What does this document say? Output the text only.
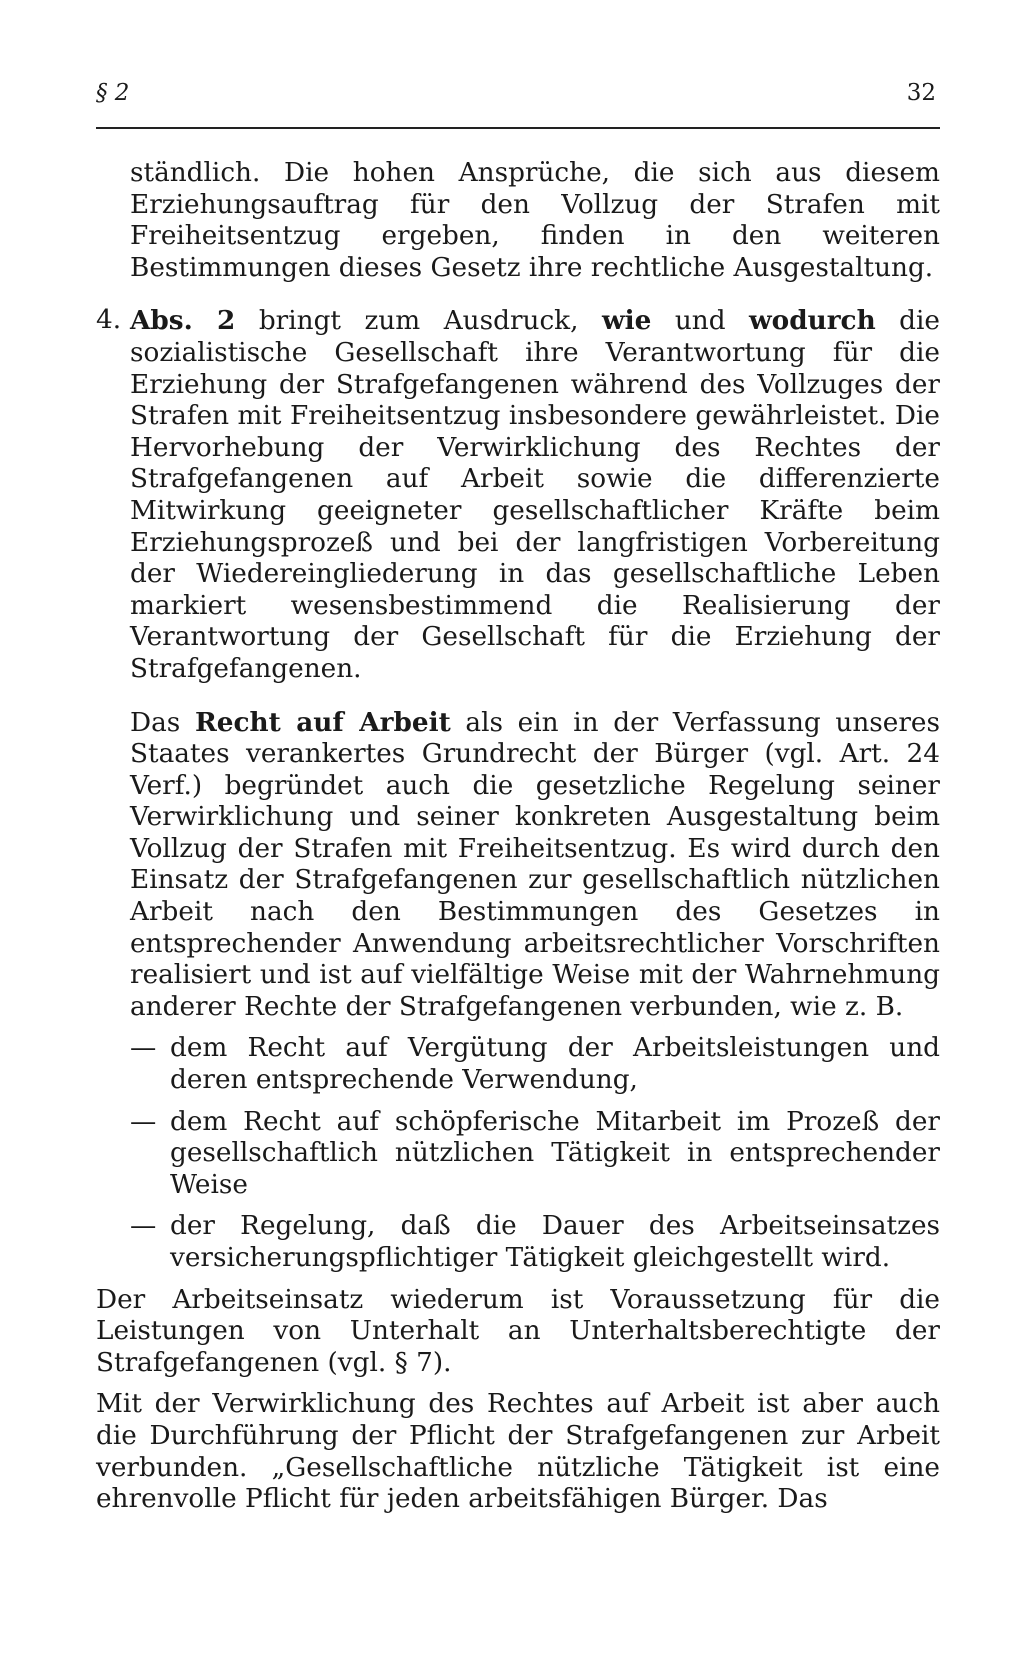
§ 2	32

ständlich. Die hohen Ansprüche, die sich aus diesem Erziehungsauftrag für den Vollzug der Strafen mit Freiheitsentzug ergeben, finden in den weiteren Bestimmungen dieses Gesetz ihre rechtliche Ausgestaltung.

4. Abs. 2 bringt zum Ausdruck, wie und wodurch die sozialistische Gesellschaft ihre Verantwortung für die Erziehung der Strafgefangenen während des Vollzuges der Strafen mit Freiheitsentzug insbesondere gewährleistet. Die Hervorhebung der Verwirklichung des Rechtes der Strafgefangenen auf Arbeit sowie die differenzierte Mitwirkung geeigneter gesellschaftlicher Kräfte beim Erziehungsprozeß und bei der langfristigen Vorbereitung der Wiedereingliederung in das gesellschaftliche Leben markiert wesensbestimmend die Realisierung der Verantwortung der Gesellschaft für die Erziehung der Strafgefangenen.

Das Recht auf Arbeit als ein in der Verfassung unseres Staates verankertes Grundrecht der Bürger (vgl. Art. 24 Verf.) begründet auch die gesetzliche Regelung seiner Verwirklichung und seiner konkreten Ausgestaltung beim Vollzug der Strafen mit Freiheitsentzug. Es wird durch den Einsatz der Strafgefangenen zur gesellschaftlich nützlichen Arbeit nach den Bestimmungen des Gesetzes in entsprechender Anwendung arbeitsrechtlicher Vorschriften realisiert und ist auf vielfältige Weise mit der Wahrnehmung anderer Rechte der Strafgefangenen verbunden, wie z. B.

— dem Recht auf Vergütung der Arbeitsleistungen und deren entsprechende Verwendung,
— dem Recht auf schöpferische Mitarbeit im Prozeß der gesellschaftlich nützlichen Tätigkeit in entsprechender Weise
— der Regelung, daß die Dauer des Arbeitseinsatzes versicherungspflichtiger Tätigkeit gleichgestellt wird.

Der Arbeitseinsatz wiederum ist Voraussetzung für die Leistungen von Unterhalt an Unterhaltsberechtigte der Strafgefangenen (vgl. § 7).

Mit der Verwirklichung des Rechtes auf Arbeit ist aber auch die Durchführung der Pflicht der Strafgefangenen zur Arbeit verbunden. „Gesellschaftliche nützliche Tätigkeit ist eine ehrenvolle Pflicht für jeden arbeitsfähigen Bürger. Das
